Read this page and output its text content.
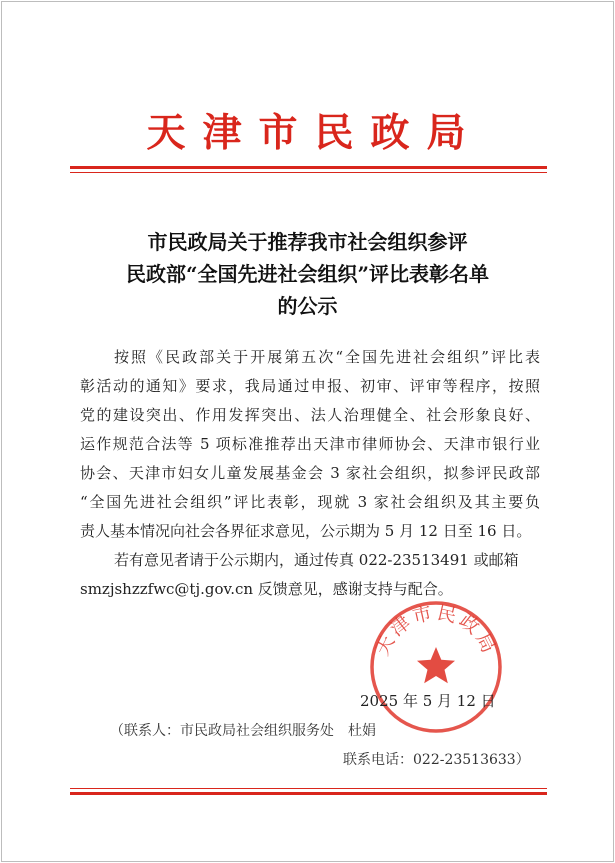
天津市民政局
市民政局关于推荐我市社会组织参评
民政部“全国先进社会组织”评比表彰名单
的公示
按照《民政部关于开展第五次“全国先进社会组织”评比表
彰活动的通知》要求，我局通过申报、初审、评审等程序，按照
党的建设突出、作用发挥突出、法人治理健全、社会形象良好、
运作规范合法等 5 项标准推荐出天津市律师协会、天津市银行业
协会、天津市妇女儿童发展基金会 3 家社会组织，拟参评民政部
“全国先进社会组织”评比表彰，现就 3 家社会组织及其主要负
责人基本情况向社会各界征求意见，公示期为 5 月 12 日至 16 日。
若有意见者请于公示期内，通过传真 022-23513491 或邮箱
smzjshzzfwc@tj.gov.cn 反馈意见，感谢支持与配合。
天津市民政局
2025 年 5 月 12 日
（联系人：市民政局社会组织服务处　杜娟
联系电话：022-23513633）
